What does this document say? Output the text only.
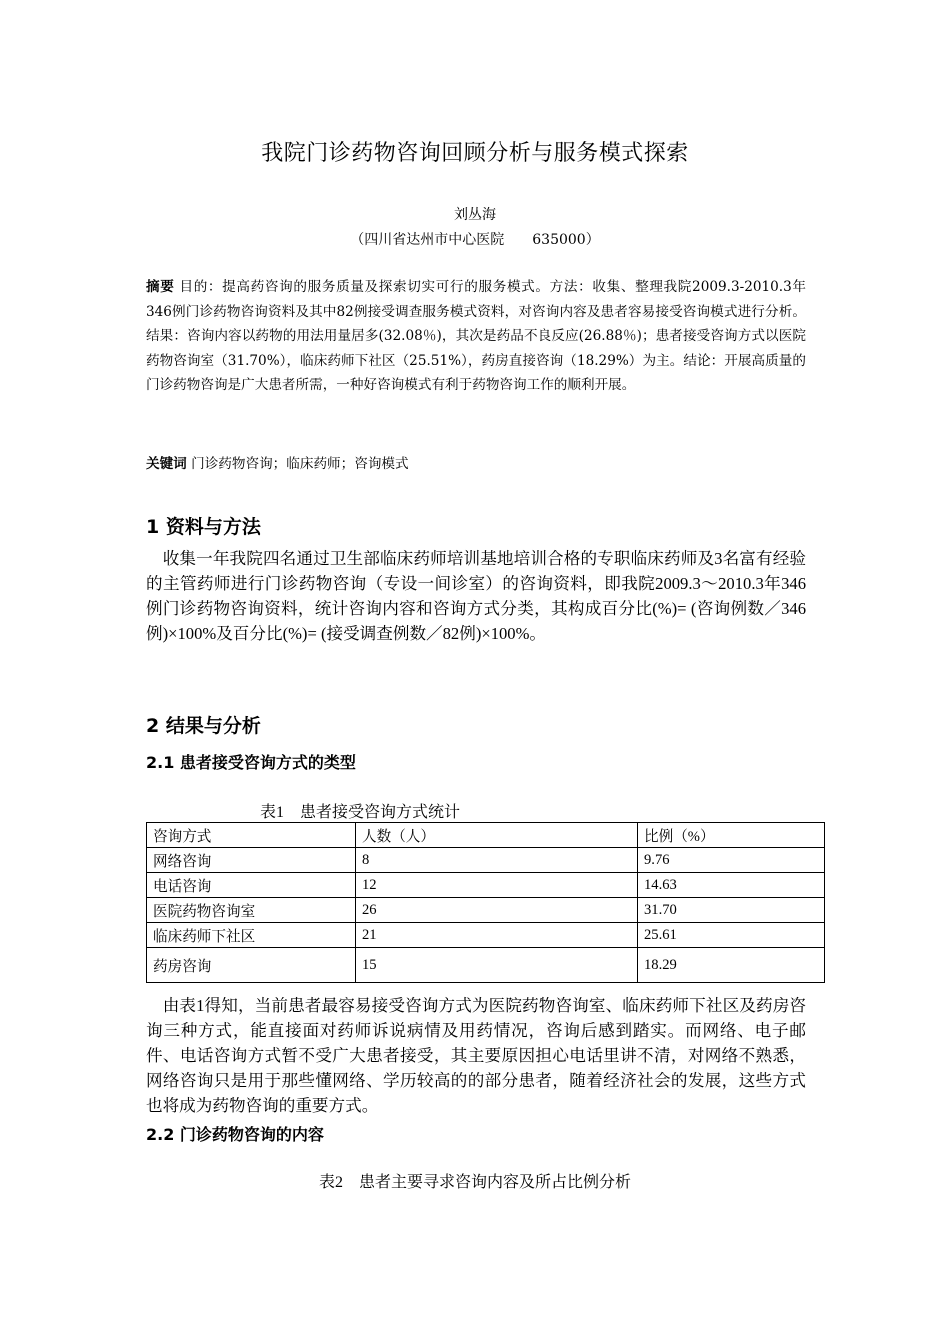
我院门诊药物咨询回顾分析与服务模式探索
刘丛海
（四川省达州市中心医院　　635000）
摘要 目的：提高药咨询的服务质量及探索切实可行的服务模式。方法：收集、整理我院2009.3-2010.3年346例门诊药物咨询资料及其中82例接受调查服务模式资料，对咨询内容及患者容易接受咨询模式进行分析。结果：咨询内容以药物的用法用量居多(32.08％)，其次是药品不良反应(26.88％)；患者接受咨询方式以医院药物咨询室（31.70%），临床药师下社区（25.51%），药房直接咨询（18.29%）为主。结论：开展高质量的门诊药物咨询是广大患者所需，一种好咨询模式有利于药物咨询工作的顺利开展。
关键词 门诊药物咨询；临床药师；咨询模式
1 资料与方法
　收集一年我院四名通过卫生部临床药师培训基地培训合格的专职临床药师及3名富有经验的主管药师进行门诊药物咨询（专设一间诊室）的咨询资料，即我院2009.3～2010.3年346例门诊药物咨询资料，统计咨询内容和咨询方式分类，其构成百分比(%)= (咨询例数／346例)×100%及百分比(%)= (接受调查例数／82例)×100%。
2 结果与分析
2.1 患者接受咨询方式的类型
表1　患者接受咨询方式统计
咨询方式	人数（人）	比例（%）
网络咨询	8	9.76
电话咨询	12	14.63
医院药物咨询室	26	31.70
临床药师下社区	21	25.61
药房咨询	15	18.29
　由表1得知，当前患者最容易接受咨询方式为医院药物咨询室、临床药师下社区及药房咨询三种方式，能直接面对药师诉说病情及用药情况，咨询后感到踏实。而网络、电子邮件、电话咨询方式暂不受广大患者接受，其主要原因担心电话里讲不清，对网络不熟悉，网络咨询只是用于那些懂网络、学历较高的的部分患者，随着经济社会的发展，这些方式也将成为药物咨询的重要方式。
2.2 门诊药物咨询的内容
表2　患者主要寻求咨询内容及所占比例分析
